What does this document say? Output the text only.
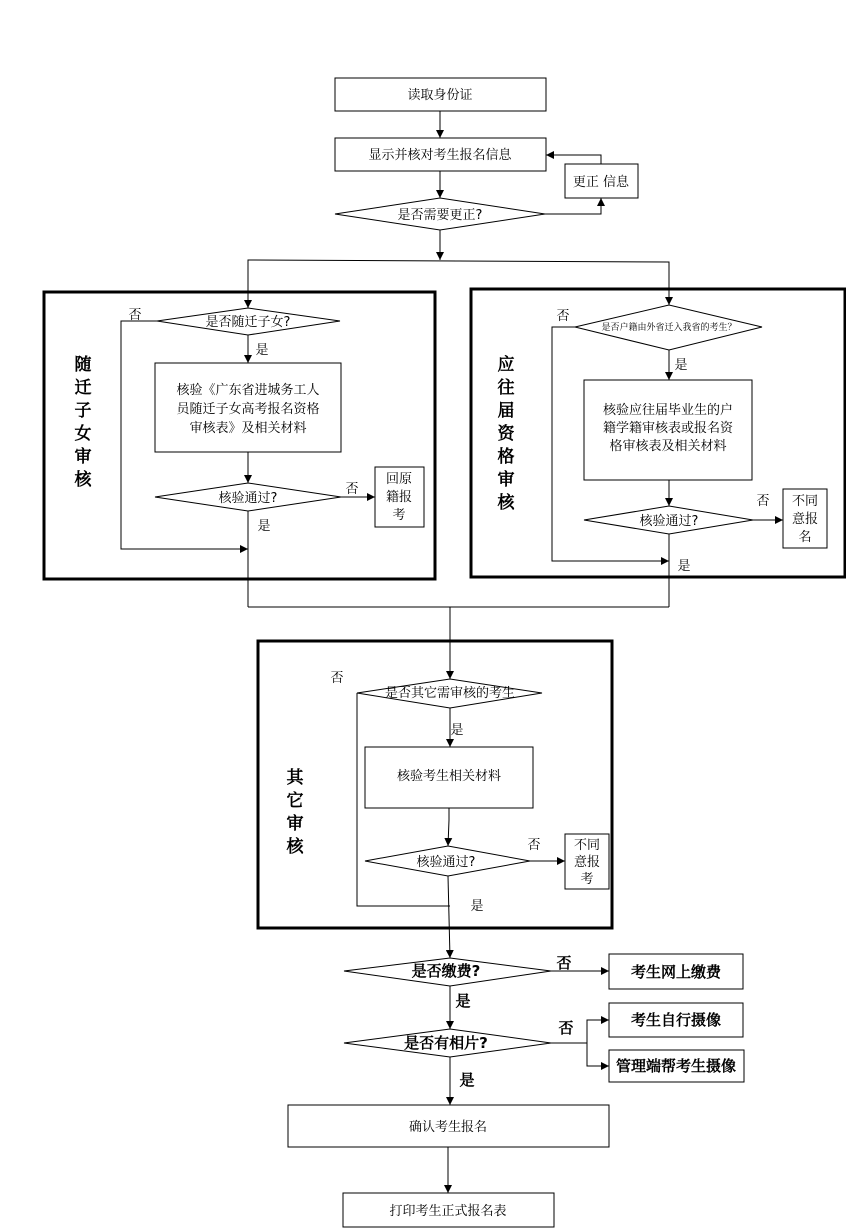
读取身份证
显示并核对考生报名信息
更正 信息
是否需要更正?
随
迁
子
女
审
核
是否随迁子女?
否
是
核验《广东省进城务工人
员随迁子女高考报名资格
审核表》及相关材料
核验通过?
否
回原
籍报
考
是
应
往
届
资
格
审
核
是否户籍由外省迁入我省的考生？
否
是
核验应往届毕业生的户
籍学籍审核表或报名资
格审核表及相关材料
核验通过?
否 不同
意报
名
是
其
它
审
核
是否其它需审核的考生
否
是
核验考生相关材料
核验通过?
否	不同
意报
考
是
是否缴费?	否	考生网上缴费
是
是否有相片?
否	考生自行摄像
管理端帮考生摄像
是
确认考生报名
打印考生正式报名表
